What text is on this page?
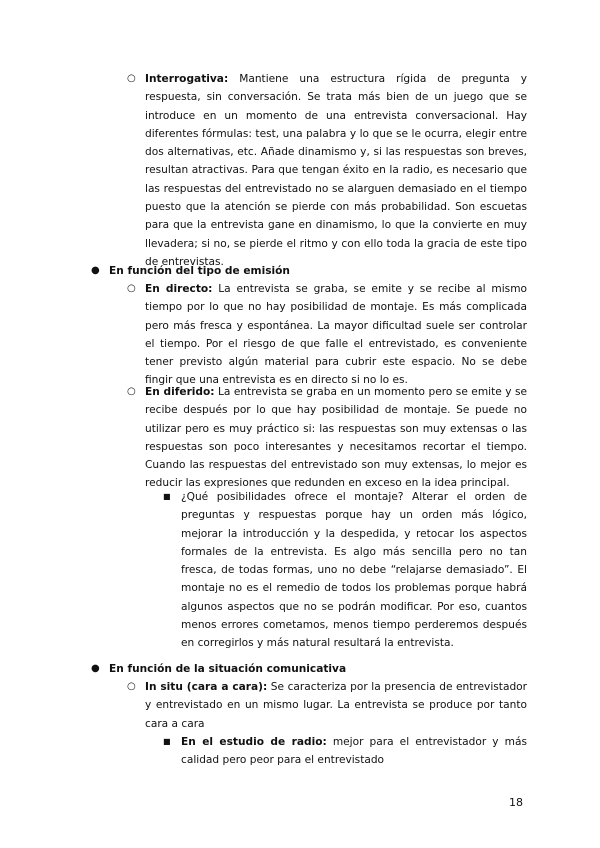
○ Interrogativa: Mantiene una estructura rígida de pregunta y respuesta, sin conversación. Se trata más bien de un juego que se introduce en un momento de una entrevista conversacional. Hay diferentes fórmulas: test, una palabra y lo que se le ocurra, elegir entre dos alternativas, etc. Añade dinamismo y, si las respuestas son breves, resultan atractivas. Para que tengan éxito en la radio, es necesario que las respuestas del entrevistado no se alarguen demasiado en el tiempo puesto que la atención se pierde con más probabilidad. Son escuetas para que la entrevista gane en dinamismo, lo que la convierte en muy llevadera; si no, se pierde el ritmo y con ello toda la gracia de este tipo de entrevistas.
● En función del tipo de emisión
○ En directo: La entrevista se graba, se emite y se recibe al mismo tiempo por lo que no hay posibilidad de montaje. Es más complicada pero más fresca y espontánea. La mayor dificultad suele ser controlar el tiempo. Por el riesgo de que falle el entrevistado, es conveniente tener previsto algún material para cubrir este espacio. No se debe fingir que una entrevista es en directo si no lo es.
○ En diferido: La entrevista se graba en un momento pero se emite y se recibe después por lo que hay posibilidad de montaje. Se puede no utilizar pero es muy práctico si: las respuestas son muy extensas o las respuestas son poco interesantes y necesitamos recortar el tiempo. Cuando las respuestas del entrevistado son muy extensas, lo mejor es reducir las expresiones que redunden en exceso en la idea principal.
■ ¿Qué posibilidades ofrece el montaje? Alterar el orden de preguntas y respuestas porque hay un orden más lógico, mejorar la introducción y la despedida, y retocar los aspectos formales de la entrevista. Es algo más sencilla pero no tan fresca, de todas formas, uno no debe “relajarse demasiado”. El montaje no es el remedio de todos los problemas porque habrá algunos aspectos que no se podrán modificar. Por eso, cuantos menos errores cometamos, menos tiempo perderemos después en corregirlos y más natural resultará la entrevista.
● En función de la situación comunicativa
○ In situ (cara a cara): Se caracteriza por la presencia de entrevistador y entrevistado en un mismo lugar. La entrevista se produce por tanto cara a cara
■ En el estudio de radio: mejor para el entrevistador y más calidad pero peor para el entrevistado
18
